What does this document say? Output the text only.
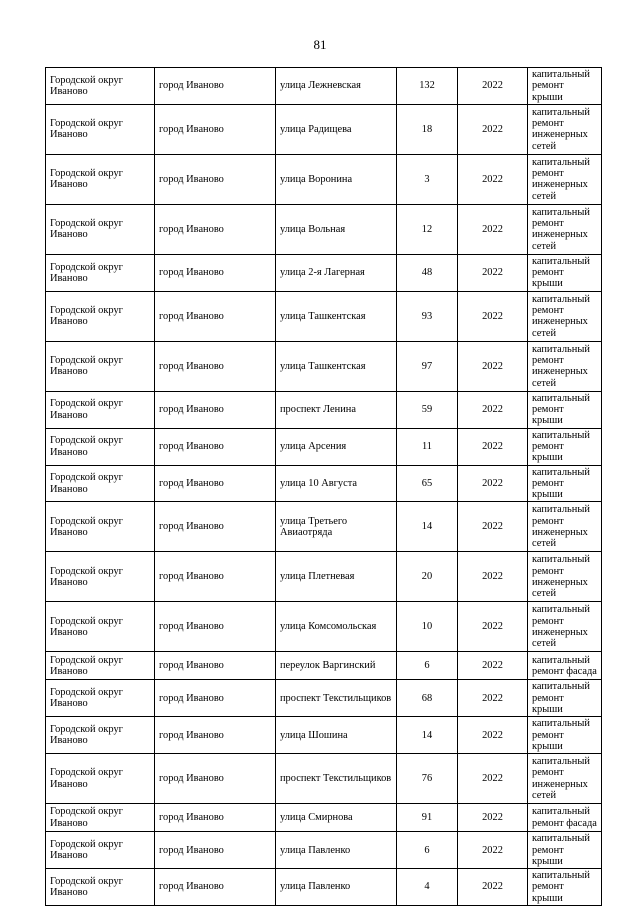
81
Городской округ Иваново	город Иваново	улица Лежневская	132	2022	капитальный ремонт крыши
Городской округ Иваново	город Иваново	улица Радищева	18	2022	капитальный ремонт инженерных сетей
Городской округ Иваново	город Иваново	улица Воронина	3	2022	капитальный ремонт инженерных сетей
Городской округ Иваново	город Иваново	улица Вольная	12	2022	капитальный ремонт инженерных сетей
Городской округ Иваново	город Иваново	улица 2-я Лагерная	48	2022	капитальный ремонт крыши
Городской округ Иваново	город Иваново	улица Ташкентская	93	2022	капитальный ремонт инженерных сетей
Городской округ Иваново	город Иваново	улица Ташкентская	97	2022	капитальный ремонт инженерных сетей
Городской округ Иваново	город Иваново	проспект Ленина	59	2022	капитальный ремонт крыши
Городской округ Иваново	город Иваново	улица Арсения	11	2022	капитальный ремонт крыши
Городской округ Иваново	город Иваново	улица 10 Августа	65	2022	капитальный ремонт крыши
Городской округ Иваново	город Иваново	улица Третьего Авиаотряда	14	2022	капитальный ремонт инженерных сетей
Городской округ Иваново	город Иваново	улица Плетневая	20	2022	капитальный ремонт инженерных сетей
Городской округ Иваново	город Иваново	улица Комсомольская	10	2022	капитальный ремонт инженерных сетей
Городской округ Иваново	город Иваново	переулок Варгинский	6	2022	капитальный ремонт фасада
Городской округ Иваново	город Иваново	проспект Текстильщиков	68	2022	капитальный ремонт крыши
Городской округ Иваново	город Иваново	улица Шошина	14	2022	капитальный ремонт крыши
Городской округ Иваново	город Иваново	проспект Текстильщиков	76	2022	капитальный ремонт инженерных сетей
Городской округ Иваново	город Иваново	улица Смирнова	91	2022	капитальный ремонт фасада
Городской округ Иваново	город Иваново	улица Павленко	6	2022	капитальный ремонт крыши
Городской округ Иваново	город Иваново	улица Павленко	4	2022	капитальный ремонт крыши
